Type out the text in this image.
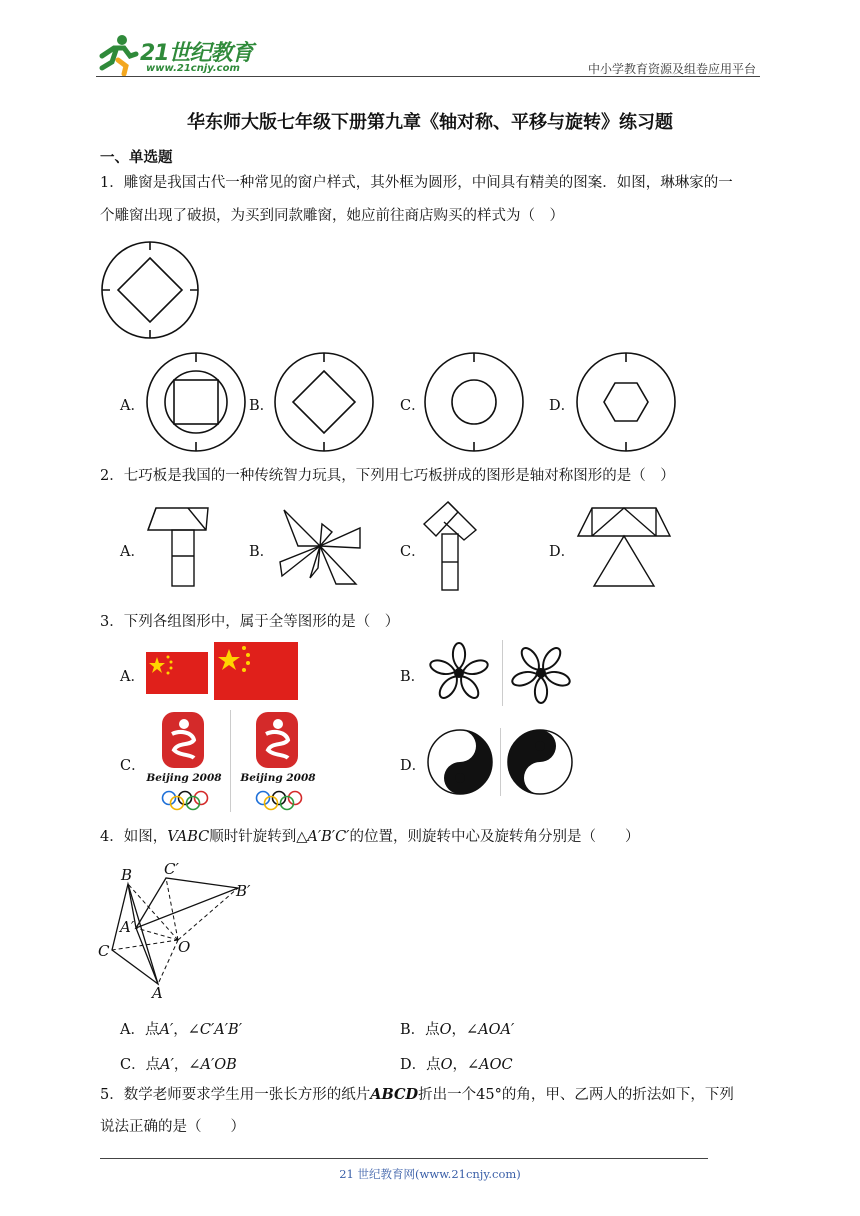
21世纪教育
www.21cnjy.com	中小学教育资源及组卷应用平台
华东师大版七年级下册第九章《轴对称、平移与旋转》练习题
一、单选题
1．雕窗是我国古代一种常见的窗户样式，其外框为圆形，中间具有精美的图案．如图，琳琳家的一
个雕窗出现了破损，为买到同款雕窗，她应前往商店购买的样式为（　）
A．	B．	C．	D．
2．七巧板是我国的一种传统智力玩具，下列用七巧板拼成的图形是轴对称图形的是（　）
A．	B．	C．	D．
3．下列各组图形中，属于全等图形的是（　）
A．	B．
C．
Beijing 2008 Beijing 2008
D．
4．如图，VABC顺时针旋转到△A′B′C′的位置，则旋转中心及旋转角分别是（　　）
B C′
B′
A′
C	O
A
A．点A′，∠C′A′B′	B．点O，∠AOA′
C．点A′，∠A′OB	D．点O，∠AOC
5．数学老师要求学生用一张长方形的纸片ABCD折出一个45°的角，甲、乙两人的折法如下，下列
说法正确的是（　　）
21 世纪教育网(www.21cnjy.com)
